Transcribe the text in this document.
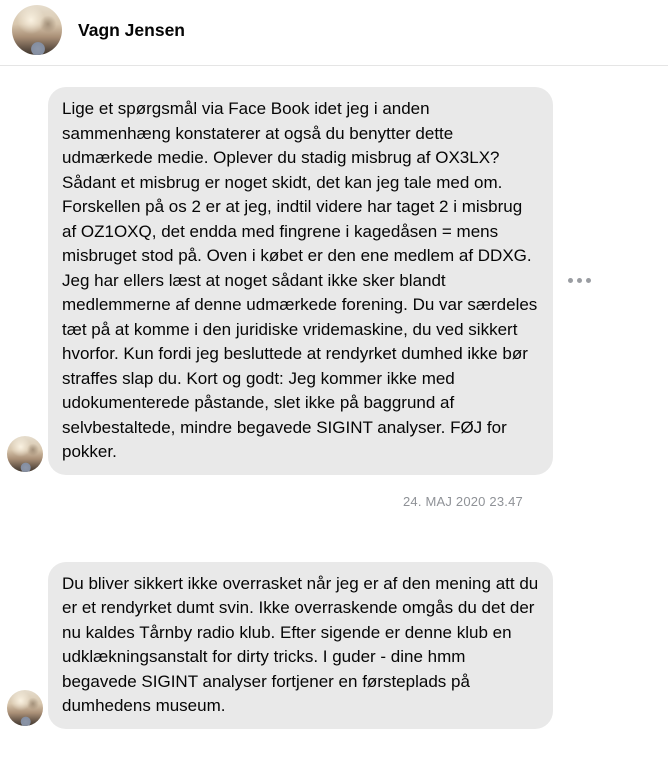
Vagn Jensen
Lige et spørgsmål via Face Book idet jeg i anden sammenhæng konstaterer at også du benytter dette udmærkede medie. Oplever du stadig misbrug af OX3LX? Sådant et misbrug er noget skidt, det kan jeg tale med om. Forskellen på os 2 er at jeg, indtil videre har taget 2 i misbrug af OZ1OXQ, det endda med fingrene i kagedåsen = mens misbruget stod på. Oven i købet er den ene medlem af DDXG. Jeg har ellers læst at noget sådant ikke sker blandt medlemmerne af denne udmærkede forening. Du var særdeles tæt på at komme i den juridiske vridemaskine, du ved sikkert hvorfor. Kun fordi jeg besluttede at rendyrket dumhed ikke bør straffes slap du. Kort og godt: Jeg kommer ikke med udokumenterede påstande, slet ikke på baggrund af selvbestaltede, mindre begavede SIGINT analyser. FØJ for pokker.
24. MAJ 2020 23.47
Du bliver sikkert ikke overrasket når jeg er af den mening att du er et rendyrket dumt svin. Ikke overraskende omgås du det der nu kaldes Tårnby radio klub. Efter sigende er denne klub en udklækningsanstalt for dirty tricks. I guder - dine hmm begavede SIGINT analyser fortjener en førsteplads på dumhedens museum.
